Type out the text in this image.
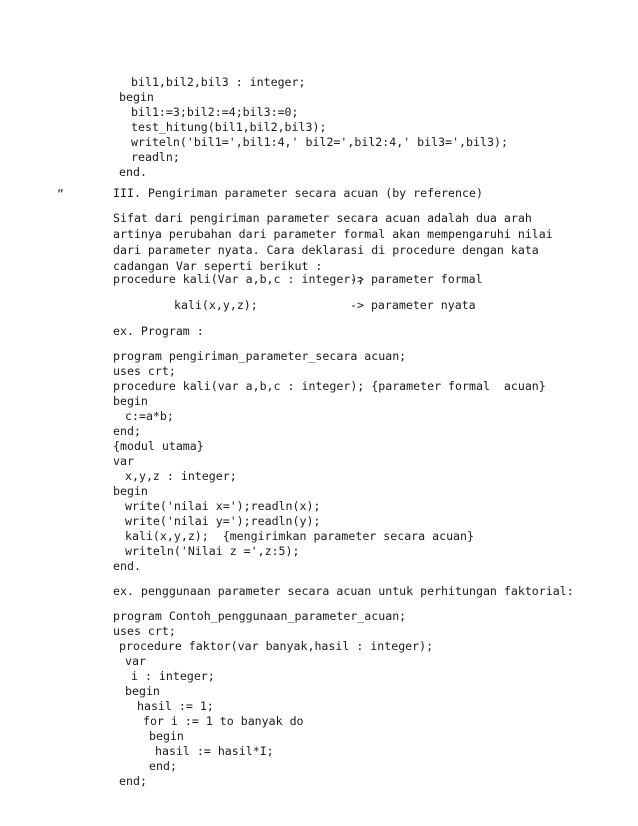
bil1,bil2,bil3 : integer;
begin
bil1:=3;bil2:=4;bil3:=0;
test_hitung(bil1,bil2,bil3);
writeln('bil1=',bil1:4,' bil2=',bil2:4,' bil3=',bil3);
readln;
end.
„	III. Pengiriman parameter secara acuan (by reference)
Sifat dari pengiriman parameter secara acuan adalah dua arah
artinya perubahan dari parameter formal akan mempengaruhi nilai
dari parameter nyata. Cara deklarasi di procedure dengan kata
cadangan Var seperti berikut :
procedure kali(Var a,b,c : integer);
-> parameter formal
kali(x,y,z);	-> parameter nyata
ex. Program :
program pengiriman_parameter_secara acuan;
uses crt;
procedure kali(var a,b,c : integer); {parameter formal  acuan}
begin
c:=a*b;
end;
{modul utama}
var
x,y,z : integer;
begin
write('nilai x=');readln(x);
write('nilai y=');readln(y);
kali(x,y,z);  {mengirimkan parameter secara acuan}
writeln('Nilai z =',z:5);
end.
ex. penggunaan parameter secara acuan untuk perhitungan faktorial:
program Contoh_penggunaan_parameter_acuan;
uses crt;
procedure faktor(var banyak,hasil : integer);
var
i : integer;
begin
hasil := 1;
for i := 1 to banyak do
begin
hasil := hasil*I;
end;
end;
